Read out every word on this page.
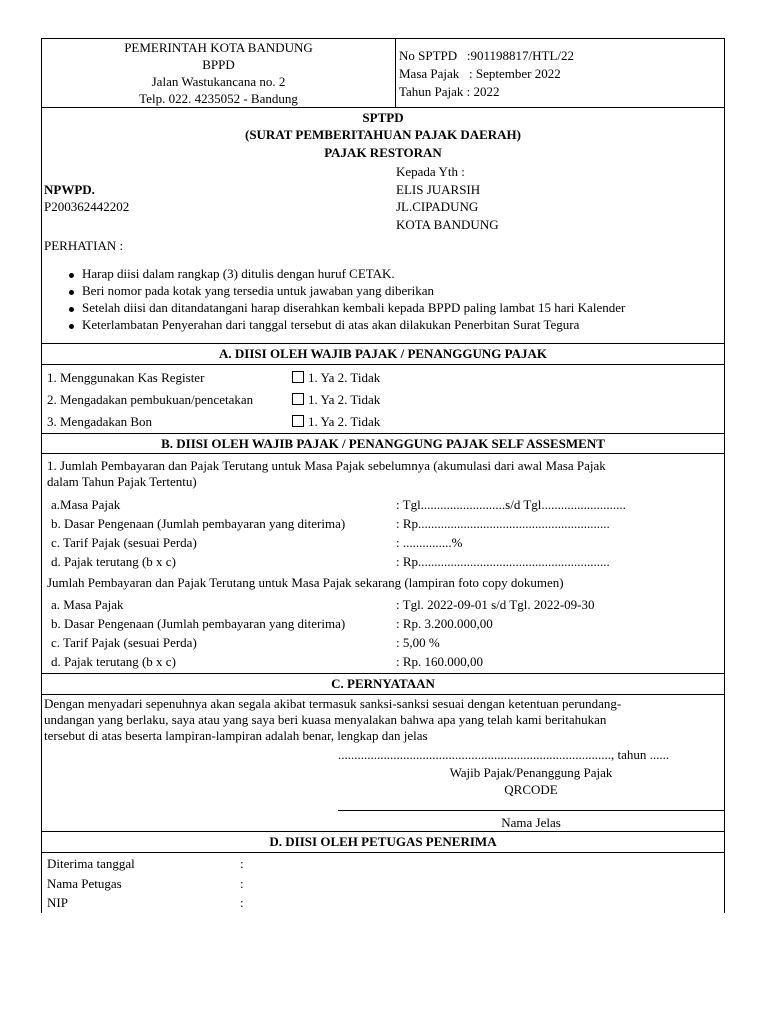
PEMERINTAH KOTA BANDUNG
BPPD
Jalan Wastukancana no. 2
Telp. 022. 4235052 - Bandung
No SPTPD   :901198817/HTL/22
Masa Pajak   : September 2022
Tahun Pajak : 2022
SPTPD
(SURAT PEMBERITAHUAN PAJAK DAERAH)
PAJAK RESTORAN
Kepada Yth :
ELIS JUARSIH
JL.CIPADUNG
KOTA BANDUNG
NPWPD.
P200362442202
PERHATIAN :
Harap diisi dalam rangkap (3) ditulis dengan huruf CETAK.
Beri nomor pada kotak yang tersedia untuk jawaban yang diberikan
Setelah diisi dan ditandatangani harap diserahkan kembali kepada BPPD paling lambat 15 hari Kalender
Keterlambatan Penyerahan dari tanggal tersebut di atas akan dilakukan Penerbitan Surat Tegura
A. DIISI OLEH WAJIB PAJAK / PENANGGUNG PAJAK
1. Menggunakan Kas Register	1. Ya 2. Tidak
2. Mengadakan pembukuan/pencetakan	1. Ya 2. Tidak
3. Mengadakan Bon	1. Ya 2. Tidak
B. DIISI OLEH WAJIB PAJAK / PENANGGUNG PAJAK SELF ASSESMENT
1. Jumlah Pembayaran dan Pajak Terutang untuk Masa Pajak sebelumnya (akumulasi dari awal Masa Pajak
dalam Tahun Pajak Tertentu)
a.Masa Pajak	: Tgl..........................s/d Tgl..........................
b. Dasar Pengenaan (Jumlah pembayaran yang diterima)	: Rp...........................................................
c. Tarif Pajak (sesuai Perda)	: ...............%
d. Pajak terutang (b x c)	: Rp...........................................................
Jumlah Pembayaran dan Pajak Terutang untuk Masa Pajak sekarang (lampiran foto copy dokumen)
a. Masa Pajak	: Tgl. 2022-09-01 s/d Tgl. 2022-09-30
b. Dasar Pengenaan (Jumlah pembayaran yang diterima)	: Rp. 3.200.000,00
c. Tarif Pajak (sesuai Perda)	: 5,00 %
d. Pajak terutang (b x c)	: Rp. 160.000,00
C. PERNYATAAN
Dengan menyadari sepenuhnya akan segala akibat termasuk sanksi-sanksi sesuai dengan ketentuan perundang-
undangan yang berlaku, saya atau yang saya beri kuasa menyalakan bahwa apa yang telah kami beritahukan
tersebut di atas beserta lampiran-lampiran adalah benar, lengkap dan jelas
...................................................................................., tahun ......
Wajib Pajak/Penanggung Pajak
QRCODE
Nama Jelas
D. DIISI OLEH PETUGAS PENERIMA
Diterima tanggal	:
Nama Petugas	:
NIP	:
